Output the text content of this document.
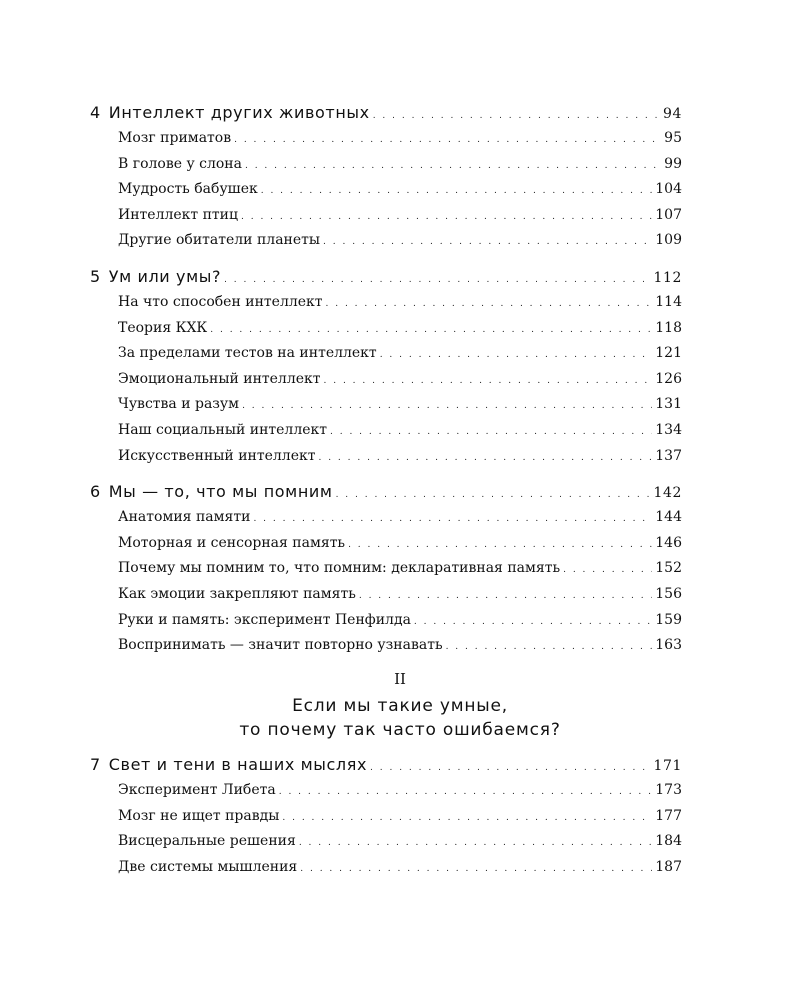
4 Интеллект других животных . . .	94
Мозг приматов . . .	95
В голове у слона . . .	99
Мудрость бабушек . . .	104
Интеллект птиц . . .	107
Другие обитатели планеты . . .	109
5 Ум или умы? . . .	112
На что способен интеллект . . .	114
Теория КХК . . .	118
За пределами тестов на интеллект . . .	121
Эмоциональный интеллект . . .	126
Чувства и разум . . .	131
Наш социальный интеллект . . .	134
Искусственный интеллект . . .	137
6 Мы — то, что мы помним . . .	142
Анатомия памяти . . .	144
Моторная и сенсорная память . . .	146
Почему мы помним то, что помним: декларативная память . . .	152
Как эмоции закрепляют память . . .	156
Руки и память: эксперимент Пенфилда . . .	159
Воспринимать — значит повторно узнавать . . .	163
II
Если мы такие умные,
то почему так часто ошибаемся?
7 Свет и тени в наших мыслях . . .	171
Эксперимент Либета . . .	173
Мозг не ищет правды . . .	177
Висцеральные решения . . .	184
Две системы мышления . . .	187
